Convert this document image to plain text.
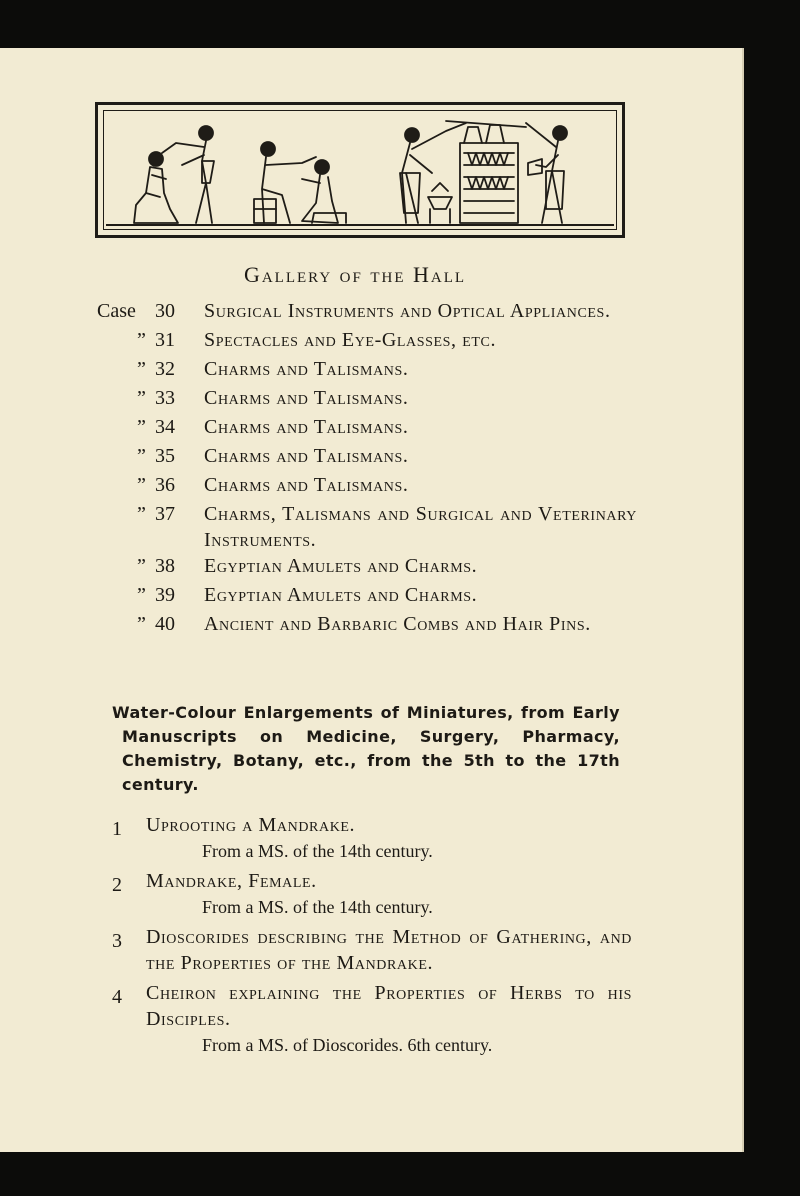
Gallery of the Hall
Case 30 Surgical Instruments and Optical Appliances.
” 31 Spectacles and Eye-Glasses, etc.
” 32 Charms and Talismans.
” 33 Charms and Talismans.
” 34 Charms and Talismans.
” 35 Charms and Talismans.
” 36 Charms and Talismans.
” 37 Charms, Talismans and Surgical and Veterinary Instruments.
” 38 Egyptian Amulets and Charms.
” 39 Egyptian Amulets and Charms.
” 40 Ancient and Barbaric Combs and Hair Pins.
Water-Colour Enlargements of Miniatures, from Early Manuscripts on Medicine, Surgery, Pharmacy, Chemistry, Botany, etc., from the 5th to the 17th century.
1	Uprooting a Mandrake.
From a MS. of the 14th century.
2	Mandrake, Female.
From a MS. of the 14th century.
3	Dioscorides describing the Method of Gathering, and the Properties of the Mandrake.
4	Cheiron explaining the Properties of Herbs to his Disciples.
From a MS. of Dioscorides. 6th century.
